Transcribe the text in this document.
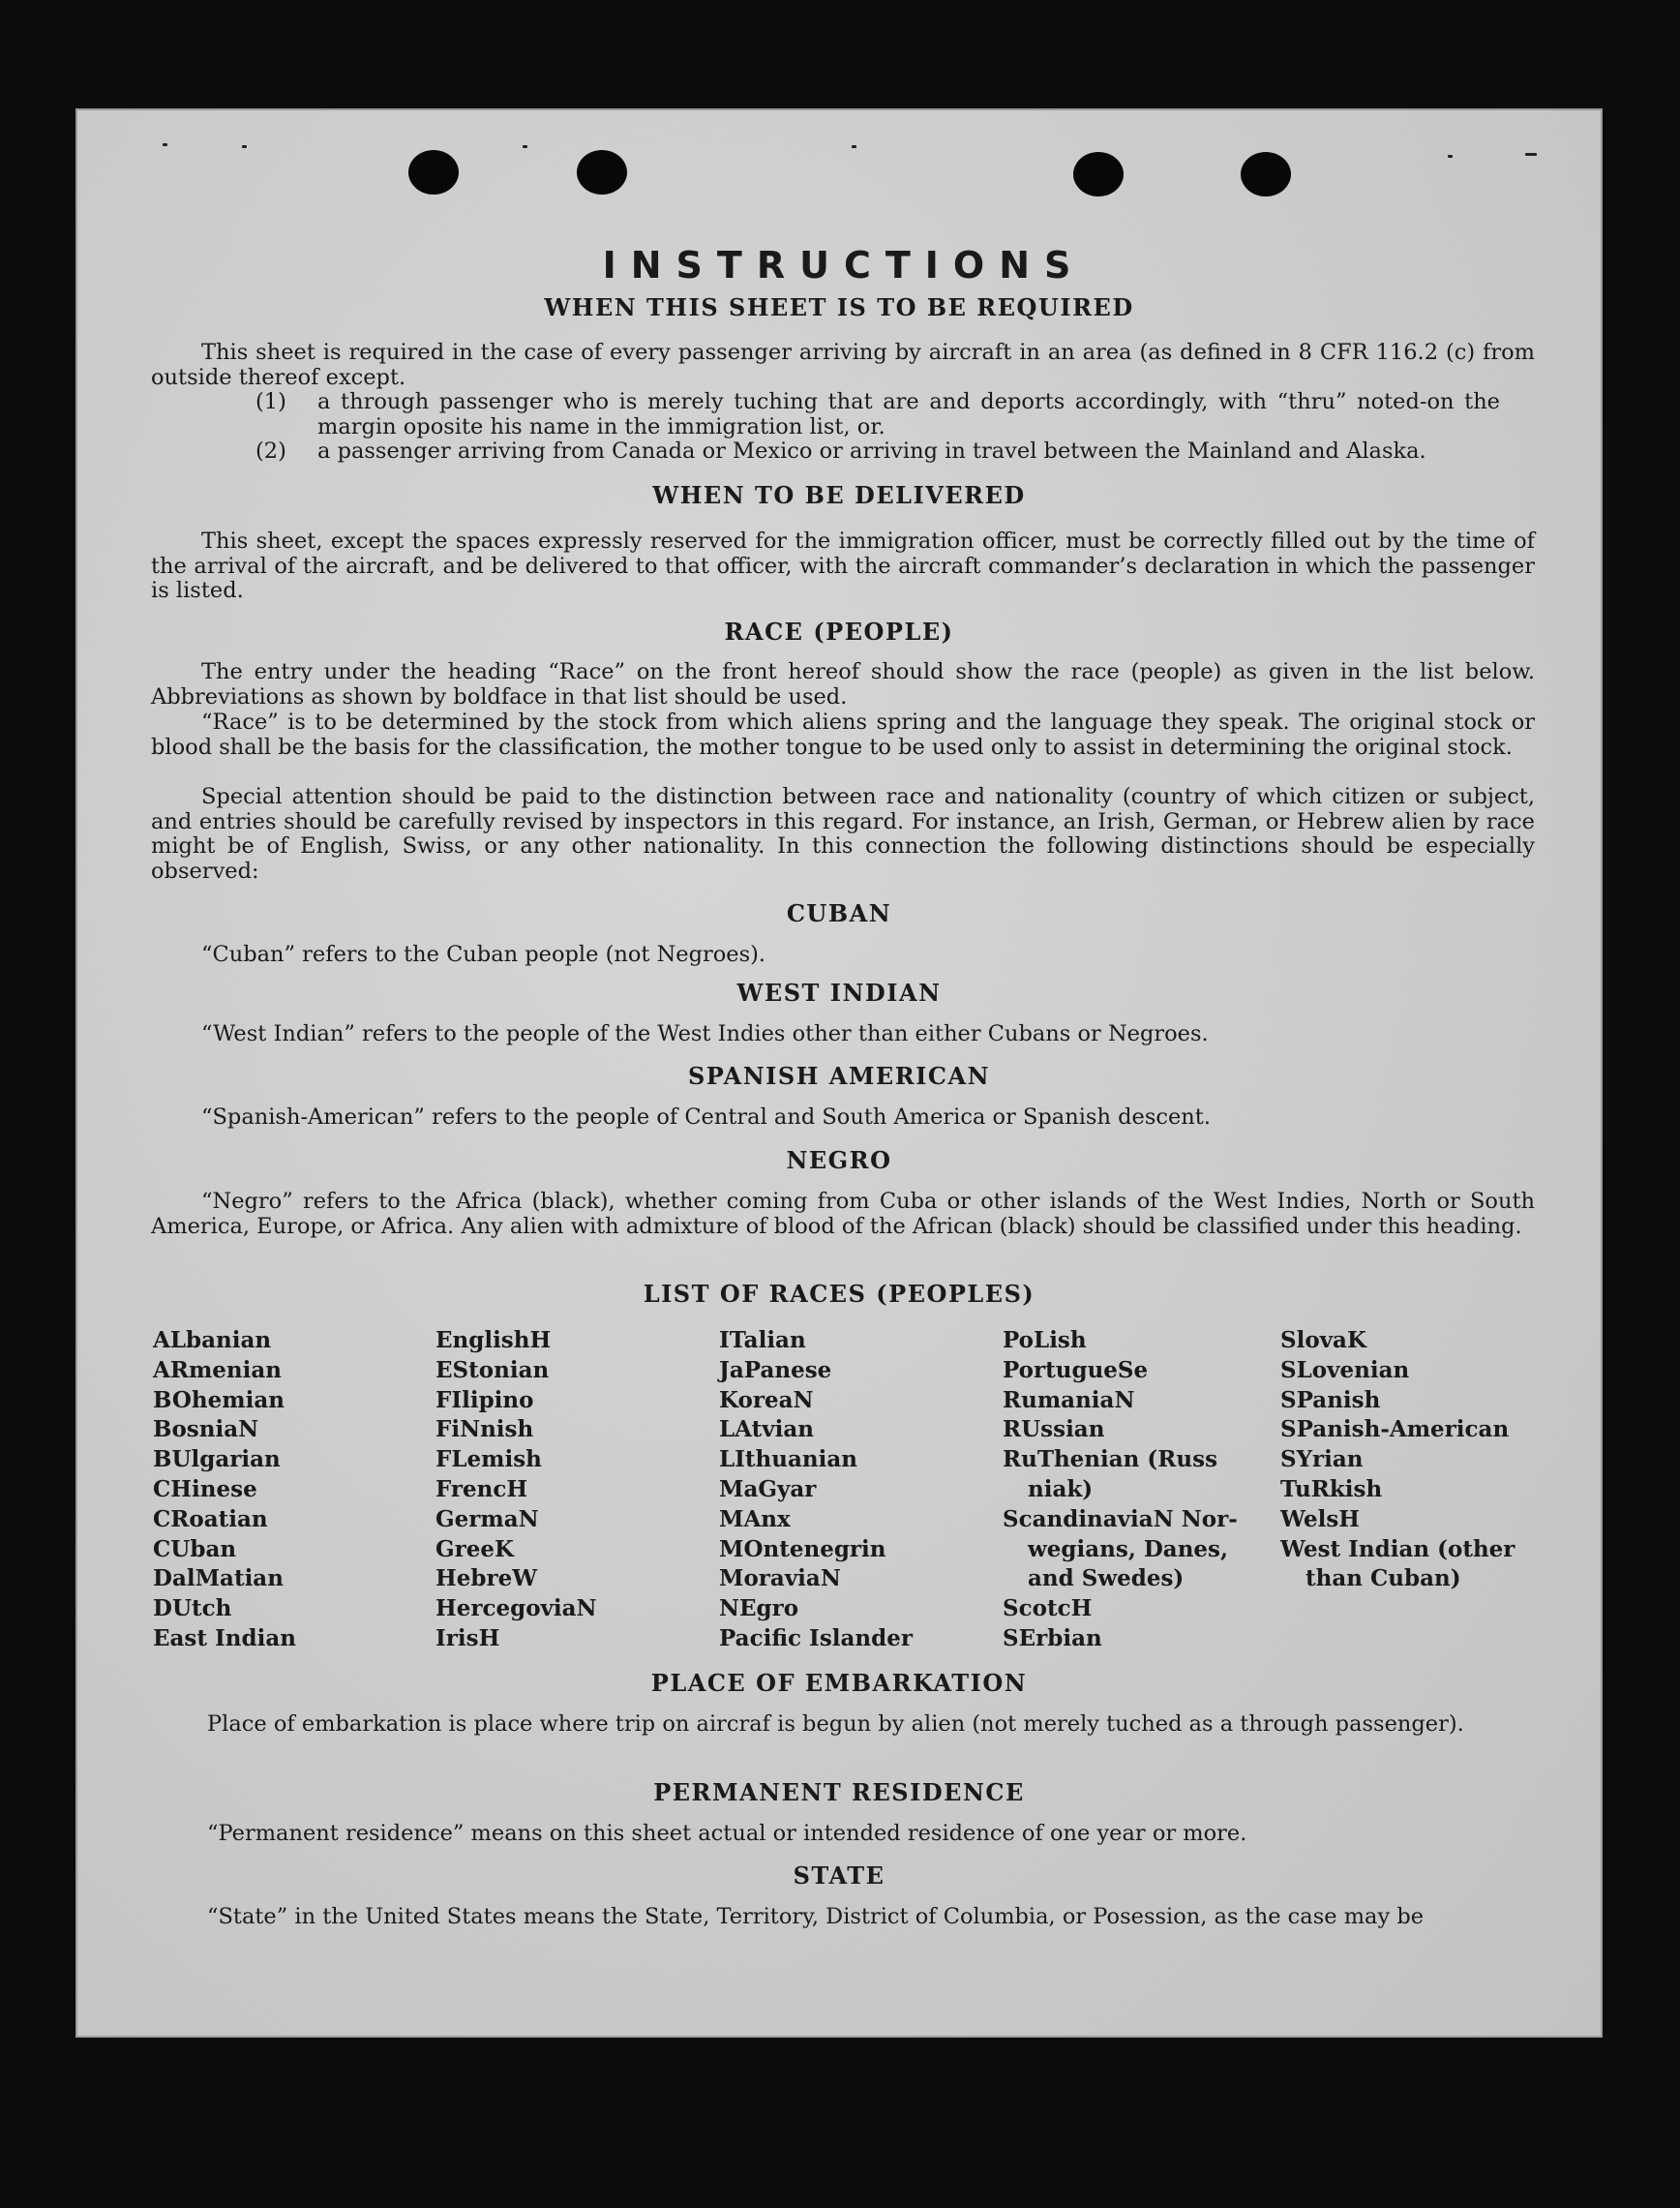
INSTRUCTIONS
WHEN THIS SHEET IS TO BE REQUIRED
This sheet is required in the case of every passenger arriving by aircraft in an area (as defined in 8 CFR 116.2 (c) from outside thereof except.
(1)	a through passenger who is merely tuching that are and deports accordingly, with “thru” noted-on the margin oposite his name in the immigration list, or.
(2)	a passenger arriving from Canada or Mexico or arriving in travel between the Mainland and Alaska.
WHEN TO BE DELIVERED
This sheet, except the spaces expressly reserved for the immigration officer, must be correctly filled out by the time of the arrival of the aircraft, and be delivered to that officer, with the aircraft commander’s declaration in which the passenger is listed.
RACE (PEOPLE)
The entry under the heading “Race” on the front hereof should show the race (people) as given in the list below. Abbreviations as shown by boldface in that list should be used.
“Race” is to be determined by the stock from which aliens spring and the language they speak. The original stock or blood shall be the basis for the classification, the mother tongue to be used only to assist in determining the original stock.
Special attention should be paid to the distinction between race and nationality (country of which citizen or subject, and entries should be carefully revised by inspectors in this regard. For instance, an Irish, German, or Hebrew alien by race might be of English, Swiss, or any other nationality. In this connection the following distinctions should be especially observed:
CUBAN
“Cuban” refers to the Cuban people (not Negroes).
WEST INDIAN
“West Indian” refers to the people of the West Indies other than either Cubans or Negroes.
SPANISH AMERICAN
“Spanish-American” refers to the people of Central and South America or Spanish descent.
NEGRO
“Negro” refers to the Africa (black), whether coming from Cuba or other islands of the West Indies, North or South America, Europe, or Africa. Any alien with admixture of blood of the African (black) should be classified under this heading.
LIST OF RACES (PEOPLES)
ALbanian
ARmenian
BOhemian
BosniaN
BUlgarian
CHinese
CRoatian
CUban
DalMatian
DUtch
East Indian
EnglishH
EStonian
FIlipino
FiNnish
FLemish
FrencH
GermaN
GreeK
HebreW
HercegoviaN
IrisH
ITalian
JaPanese
KoreaN
LAtvian
LIthuanian
MaGyar
MAnx
MOntenegrin
MoraviaN
NEgro
Pacific Islander
PoLish
PortugueSe
RumaniaN
RUssian
RuThenian (Russ
niak)
ScandinaviaN Nor-
wegians, Danes,
and Swedes)
ScotcH
SErbian
SlovaK
SLovenian
SPanish
SPanish-American
SYrian
TuRkish
WelsH
West Indian (other
than Cuban)
PLACE OF EMBARKATION
Place of embarkation is place where trip on aircraf is begun by alien (not merely tuched as a through passenger).
PERMANENT RESIDENCE
“Permanent residence” means on this sheet actual or intended residence of one year or more.
STATE
“State” in the United States means the State, Territory, District of Columbia, or Posession, as the case may be
